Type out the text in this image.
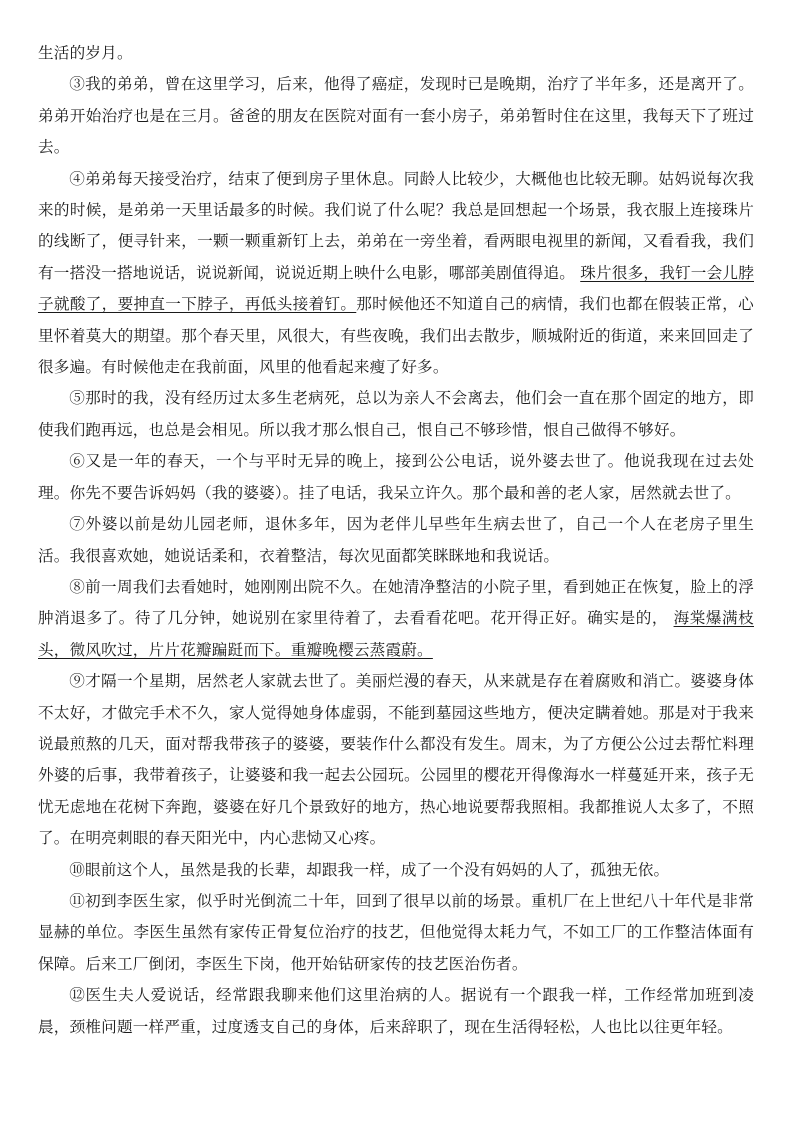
生活的岁月。

③我的弟弟，曾在这里学习，后来，他得了癌症，发现时已是晚期，治疗了半年多，还是离开了。弟弟开始治疗也是在三月。爸爸的朋友在医院对面有一套小房子，弟弟暂时住在这里，我每天下了班过去。

④弟弟每天接受治疗，结束了便到房子里休息。同龄人比较少，大概他也比较无聊。姑妈说每次我来的时候，是弟弟一天里话最多的时候。我们说了什么呢？我总是回想起一个场景，我衣服上连接珠片的线断了，便寻针来，一颗一颗重新钉上去，弟弟在一旁坐着，看两眼电视里的新闻，又看看我，我们有一搭没一搭地说话，说说新闻，说说近期上映什么电影，哪部美剧值得追。 珠片很多，我钉一会儿脖子就酸了，要抻直一下脖子，再低头接着钉。那时候他还不知道自己的病情，我们也都在假装正常，心里怀着莫大的期望。那个春天里，风很大，有些夜晚，我们出去散步，顺城附近的街道，来来回回走了很多遍。有时候他走在我前面，风里的他看起来瘦了好多。

⑤那时的我，没有经历过太多生老病死，总以为亲人不会离去，他们会一直在那个固定的地方，即使我们跑再远，也总是会相见。所以我才那么恨自己，恨自己不够珍惜，恨自己做得不够好。

⑥又是一年的春天，一个与平时无异的晚上，接到公公电话，说外婆去世了。他说我现在过去处理。你先不要告诉妈妈（我的婆婆）。挂了电话，我呆立许久。那个最和善的老人家，居然就去世了。

⑦外婆以前是幼儿园老师，退休多年，因为老伴儿早些年生病去世了，自己一个人在老房子里生活。我很喜欢她，她说话柔和，衣着整洁，每次见面都笑眯眯地和我说话。

⑧前一周我们去看她时，她刚刚出院不久。在她清净整洁的小院子里，看到她正在恢复，脸上的浮肿消退多了。待了几分钟，她说别在家里待着了，去看看花吧。花开得正好。确实是的， 海棠爆满枝头，微风吹过，片片花瓣蹁跹而下。重瓣晚樱云蒸霞蔚。

⑨才隔一个星期，居然老人家就去世了。美丽烂漫的春天，从来就是存在着腐败和消亡。婆婆身体不太好，才做完手术不久，家人觉得她身体虚弱，不能到墓园这些地方，便决定瞒着她。那是对于我来说最煎熬的几天，面对帮我带孩子的婆婆，要装作什么都没有发生。周末，为了方便公公过去帮忙料理外婆的后事，我带着孩子，让婆婆和我一起去公园玩。公园里的樱花开得像海水一样蔓延开来，孩子无忧无虑地在花树下奔跑，婆婆在好几个景致好的地方，热心地说要帮我照相。我都推说人太多了，不照了。在明亮刺眼的春天阳光中，内心悲恸又心疼。

⑩眼前这个人，虽然是我的长辈，却跟我一样，成了一个没有妈妈的人了，孤独无依。

⑪初到李医生家，似乎时光倒流二十年，回到了很早以前的场景。重机厂在上世纪八十年代是非常显赫的单位。李医生虽然有家传正骨复位治疗的技艺，但他觉得太耗力气，不如工厂的工作整洁体面有保障。后来工厂倒闭，李医生下岗，他开始钻研家传的技艺医治伤者。

⑫医生夫人爱说话，经常跟我聊来他们这里治病的人。据说有一个跟我一样，工作经常加班到凌晨，颈椎问题一样严重，过度透支自己的身体，后来辞职了，现在生活得轻松，人也比以往更年轻。
